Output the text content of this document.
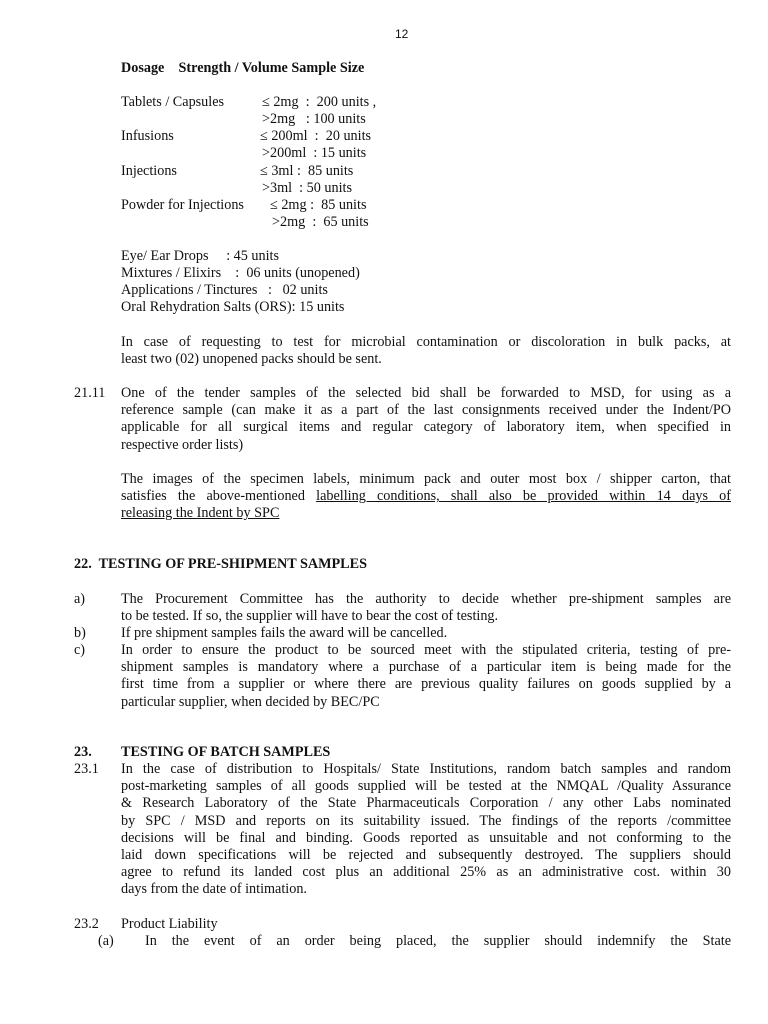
12
Dosage    Strength / Volume Sample Size
Tablets / Capsules	≤ 2mg  :  200 units ,
>2mg   : 100 units
Infusions	≤ 200ml  :  20 units
>200ml  : 15 units
Injections	≤ 3ml :  85 units
>3ml  : 50 units
Powder for Injections ≤ 2mg :  85 units
>2mg  :  65 units
Eye/ Ear Drops     : 45 units
Mixtures / Elixirs    :  06 units (unopened)
Applications / Tinctures   :   02 units
Oral Rehydration Salts (ORS): 15 units
In case of requesting to test for microbial contamination or discoloration in bulk packs, at
least two (02) unopened packs should be sent.
21.11 One of the tender samples of the selected bid shall be forwarded to MSD, for using as a
reference sample (can make it as a part of the last consignments received under the Indent/PO
applicable for all surgical items and regular category of laboratory item, when specified in
respective order lists)
The images of the specimen labels, minimum pack and outer most box / shipper carton, that
satisfies the above-mentioned labelling conditions, shall also be provided within 14 days of
releasing the Indent by SPC
22.  TESTING OF PRE-SHIPMENT SAMPLES
a)	The Procurement Committee has the authority to decide whether pre-shipment samples are
to be tested. If so, the supplier will have to bear the cost of testing.
b) If pre shipment samples fails the award will be cancelled.
c)	In order to ensure the product to be sourced meet with the stipulated criteria, testing of pre-
shipment samples is mandatory where a purchase of a particular item is being made for the
first time from a supplier or where there are previous quality failures on goods supplied by a
particular supplier, when decided by BEC/PC
23. TESTING OF BATCH SAMPLES
23.1 In the case of distribution to Hospitals/ State Institutions, random batch samples and random
post-marketing samples of all goods supplied will be tested at the NMQAL /Quality Assurance
& Research Laboratory of the State Pharmaceuticals Corporation / any other Labs nominated
by SPC / MSD and reports on its suitability issued. The findings of the reports /committee
decisions will be final and binding. Goods reported as unsuitable and not conforming to the
laid down specifications will be rejected and subsequently destroyed. The suppliers should
agree to refund its landed cost plus an additional 25% as an administrative cost. within 30
days from the date of intimation.
23.2 Product Liability
(a) In the event of an order being placed, the supplier should indemnify the State
